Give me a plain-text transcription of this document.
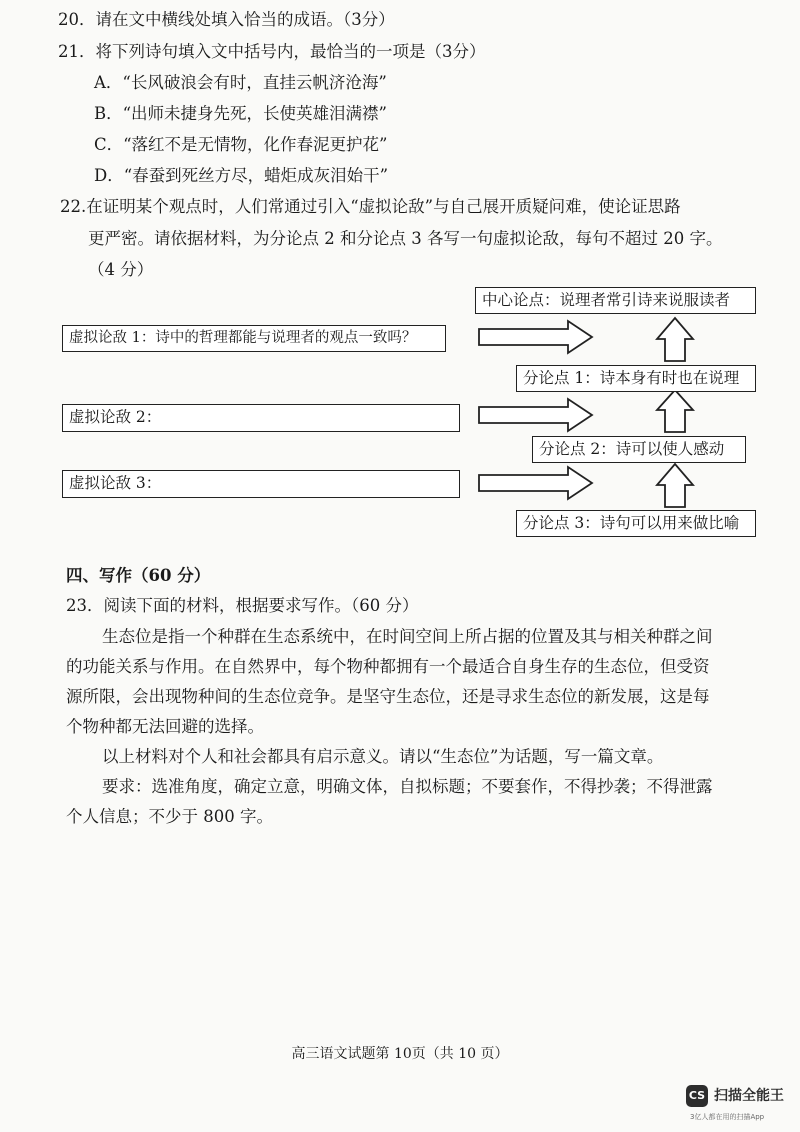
20．请在文中横线处填入恰当的成语。（3分）
21．将下列诗句填入文中括号内，最恰当的一项是（3分）
A．“长风破浪会有时，直挂云帆济沧海”
B．“出师未捷身先死，长使英雄泪满襟”
C．“落红不是无情物，化作春泥更护花”
D．“春蚕到死丝方尽，蜡炬成灰泪始干”
22.在证明某个观点时，人们常通过引入“虚拟论敌”与自己展开质疑问难，使论证思路
更严密。请依据材料，为分论点 2 和分论点 3 各写一句虚拟论敌，每句不超过 20 字。
（4 分）
中心论点：说理者常引诗来说服读者
虚拟论敌 1：诗中的哲理都能与说理者的观点一致吗？
分论点 1：诗本身有时也在说理
虚拟论敌 2：
分论点 2：诗可以使人感动
虚拟论敌 3：
分论点 3：诗句可以用来做比喻
四、写作（60 分）
23．阅读下面的材料，根据要求写作。（60 分）
生态位是指一个种群在生态系统中，在时间空间上所占据的位置及其与相关种群之间
的功能关系与作用。在自然界中，每个物种都拥有一个最适合自身生存的生态位，但受资
源所限，会出现物种间的生态位竞争。是坚守生态位，还是寻求生态位的新发展，这是每
个物种都无法回避的选择。
以上材料对个人和社会都具有启示意义。请以“生态位”为话题，写一篇文章。
要求：选准角度，确定立意，明确文体，自拟标题；不要套作，不得抄袭；不得泄露
个人信息；不少于 800 字。
高三语文试题第 10页（共 10 页）
CS 扫描全能王
3亿人都在用的扫描App
